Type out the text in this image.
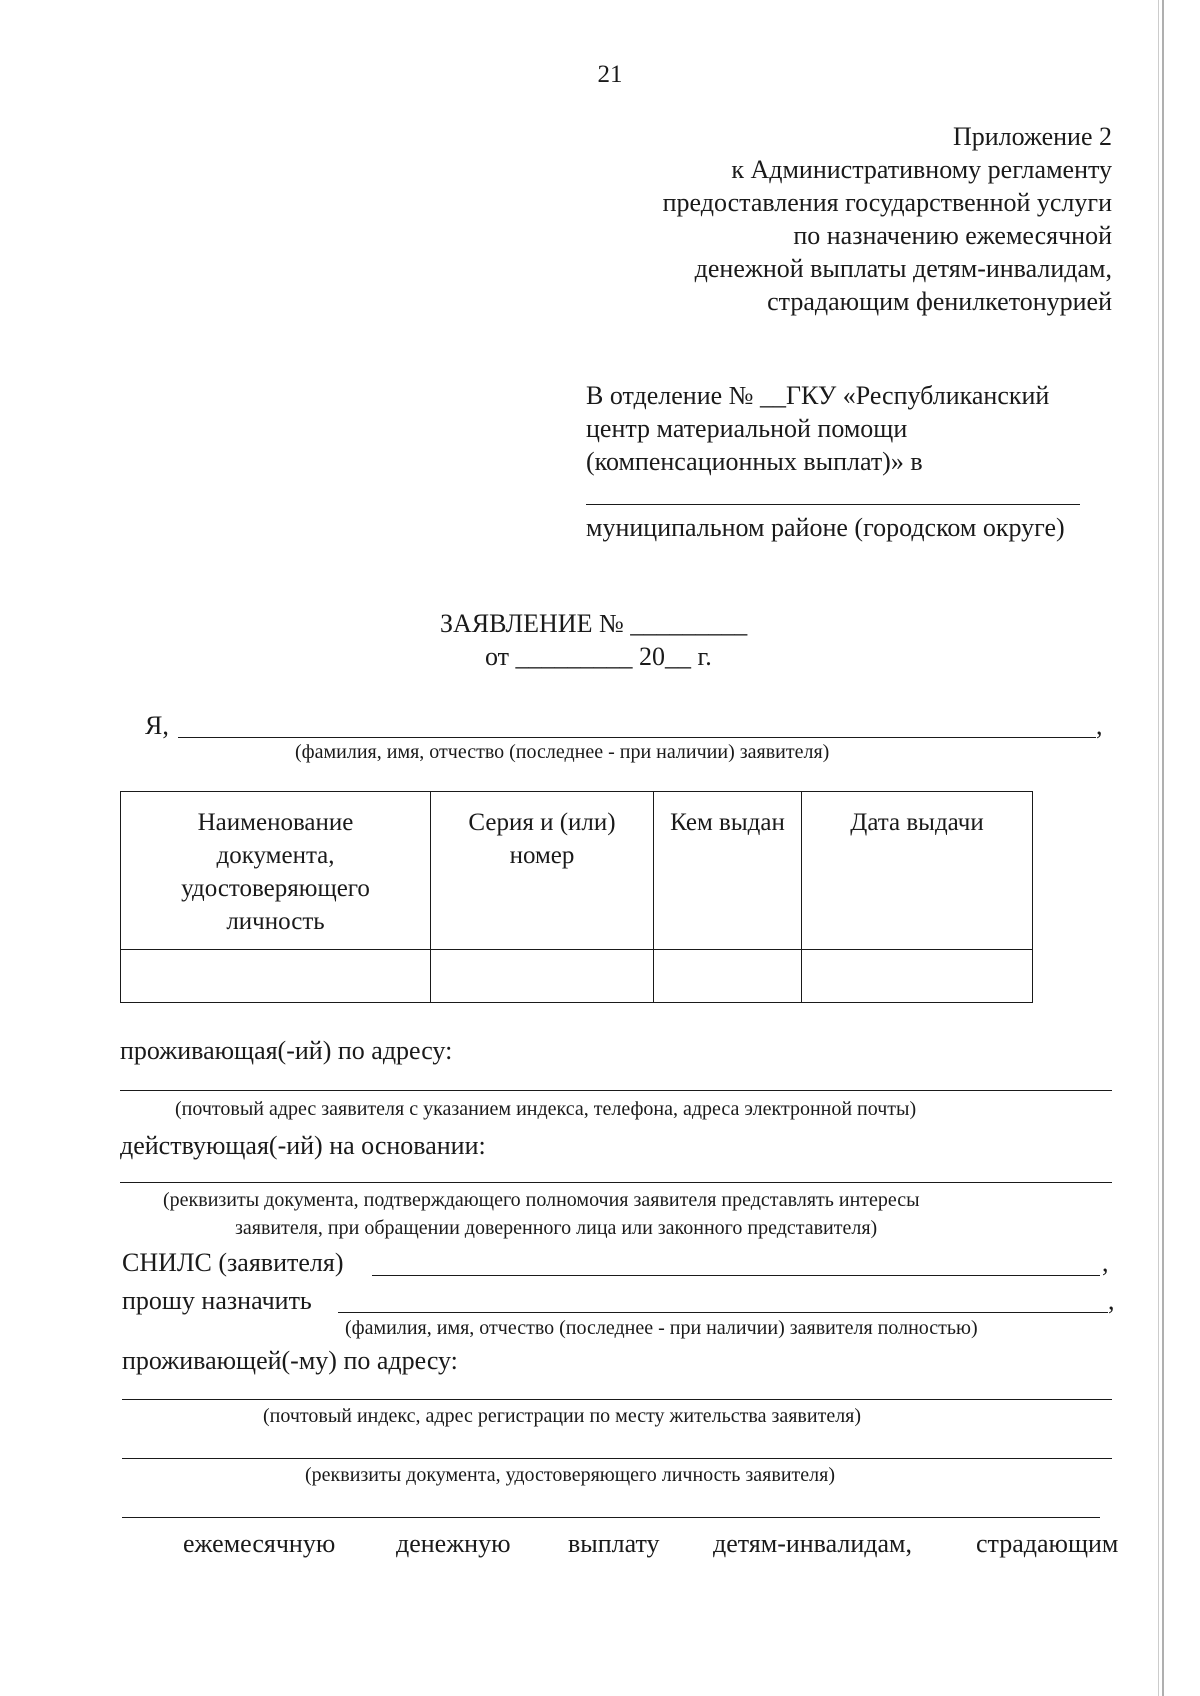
21
Приложение 2
к Административному регламенту
предоставления государственной услуги
по назначению ежемесячной
денежной выплаты детям-инвалидам,
страдающим фенилкетонурией
В отделение № __ГКУ «Республиканский
центр материальной помощи
(компенсационных выплат)» в
муниципальном районе (городском округе)
ЗАЯВЛЕНИЕ № _________
от _________ 20__ г.
Я,	,
(фамилия, имя, отчество (последнее - при наличии) заявителя)
Наименование документа, удостоверяющего личность	Серия и (или) номер	Кем выдан	Дата выдачи

проживающая(-ий) по адресу:
(почтовый адрес заявителя с указанием индекса, телефона, адреса электронной почты)
действующая(-ий) на основании:
(реквизиты документа, подтверждающего полномочия заявителя представлять интересы
заявителя, при обращении доверенного лица или законного представителя)
СНИЛС (заявителя)	,
прошу назначить	,
(фамилия, имя, отчество (последнее - при наличии) заявителя полностью)
проживающей(-му) по адресу:
(почтовый индекс, адрес регистрации по месту жительства заявителя)
(реквизиты документа, удостоверяющего личность заявителя)
ежемесячную денежную выплату детям-инвалидам, страдающим
